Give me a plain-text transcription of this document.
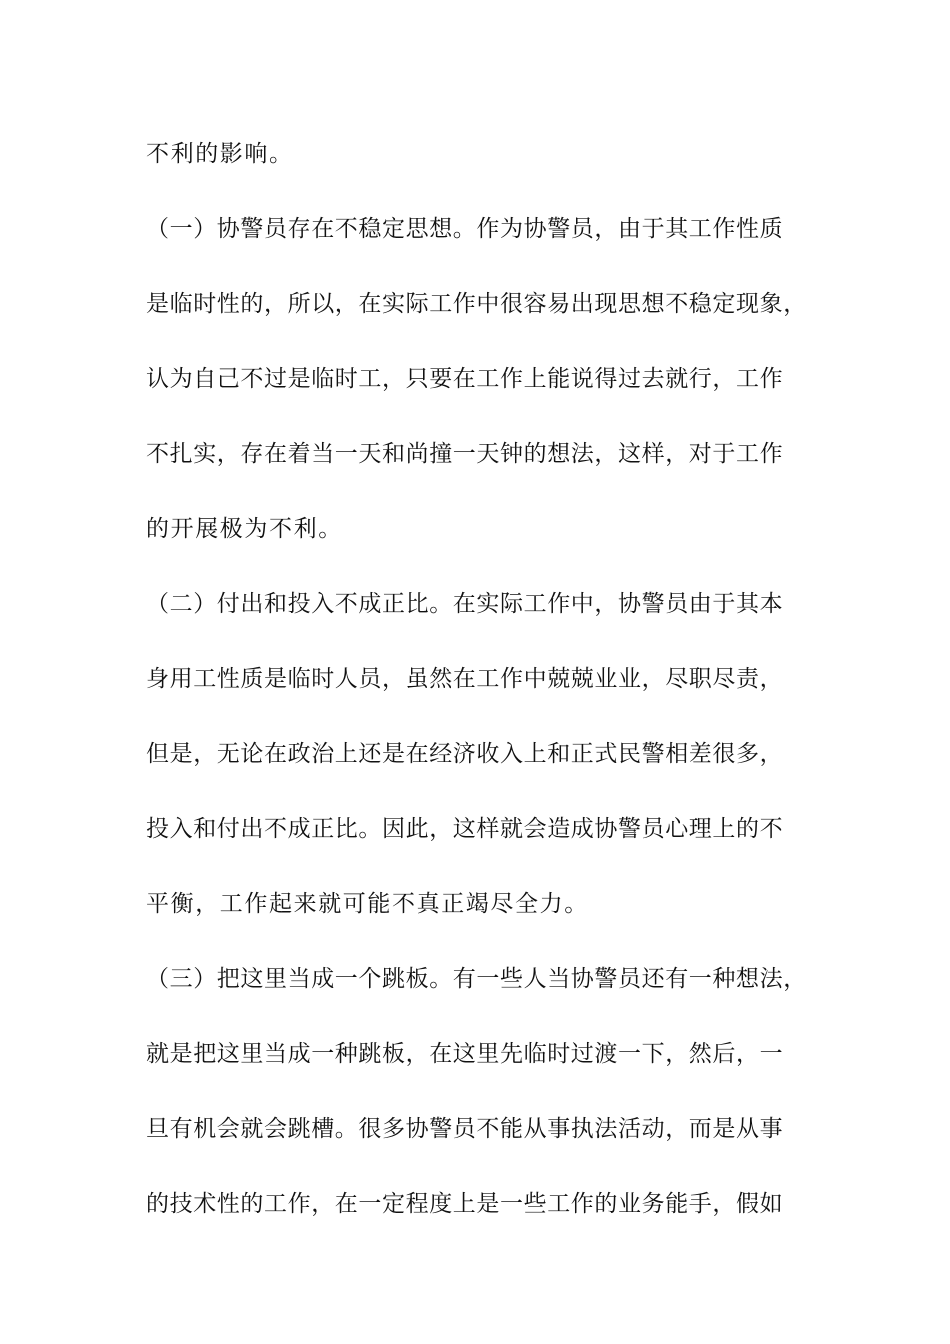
不利的影响。
（一）协警员存在不稳定思想。作为协警员，由于其工作性质
是临时性的，所以，在实际工作中很容易出现思想不稳定现象，
认为自己不过是临时工，只要在工作上能说得过去就行，工作
不扎实，存在着当一天和尚撞一天钟的想法，这样，对于工作
的开展极为不利。
（二）付出和投入不成正比。在实际工作中，协警员由于其本
身用工性质是临时人员，虽然在工作中兢兢业业，尽职尽责，
但是，无论在政治上还是在经济收入上和正式民警相差很多，
投入和付出不成正比。因此，这样就会造成协警员心理上的不
平衡，工作起来就可能不真正竭尽全力。
（三）把这里当成一个跳板。有一些人当协警员还有一种想法，
就是把这里当成一种跳板，在这里先临时过渡一下，然后，一
旦有机会就会跳槽。很多协警员不能从事执法活动，而是从事
的技术性的工作，在一定程度上是一些工作的业务能手，假如
